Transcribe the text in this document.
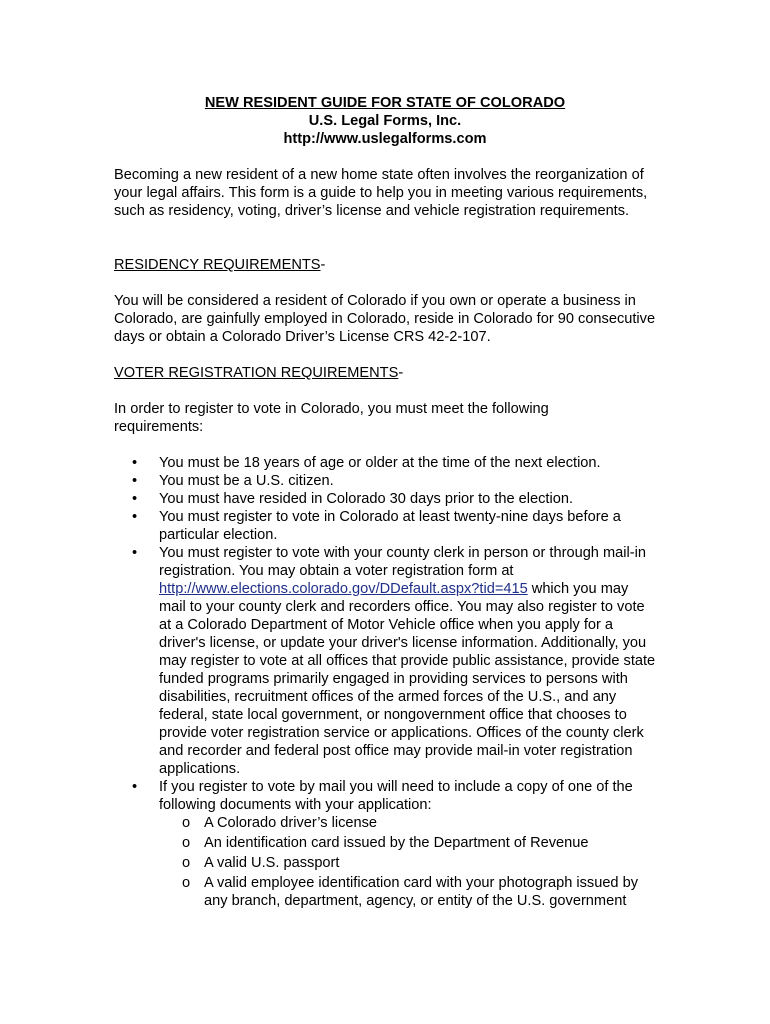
NEW RESIDENT GUIDE FOR STATE OF COLORADO
U.S. Legal Forms, Inc.
http://www.uslegalforms.com
Becoming a new resident of a new home state often involves the reorganization of your legal affairs. This form is a guide to help you in meeting various requirements, such as residency, voting, driver’s license and vehicle registration requirements.
RESIDENCY REQUIREMENTS-
You will be considered a resident of Colorado if you own or operate a business in Colorado, are gainfully employed in Colorado, reside in Colorado for 90 consecutive days or obtain a Colorado Driver’s License CRS 42-2-107.
VOTER REGISTRATION REQUIREMENTS-
In order to register to vote in Colorado, you must meet the following requirements:
• You must be 18 years of age or older at the time of the next election.
• You must be a U.S. citizen.
• You must have resided in Colorado 30 days prior to the election.
• You must register to vote in Colorado at least twenty-nine days before a particular election.
• You must register to vote with your county clerk in person or through mail-in registration. You may obtain a voter registration form at http://www.elections.colorado.gov/DDefault.aspx?tid=415 which you may mail to your county clerk and recorders office. You may also register to vote at a Colorado Department of Motor Vehicle office when you apply for a driver's license, or update your driver's license information. Additionally, you may register to vote at all offices that provide public assistance, provide state funded programs primarily engaged in providing services to persons with disabilities, recruitment offices of the armed forces of the U.S., and any federal, state local government, or nongovernment office that chooses to provide voter registration service or applications. Offices of the county clerk and recorder and federal post office may provide mail-in voter registration applications.
• If you register to vote by mail you will need to include a copy of one of the following documents with your application:
o A Colorado driver’s license
o An identification card issued by the Department of Revenue
o A valid U.S. passport
o A valid employee identification card with your photograph issued by any branch, department, agency, or entity of the U.S. government
